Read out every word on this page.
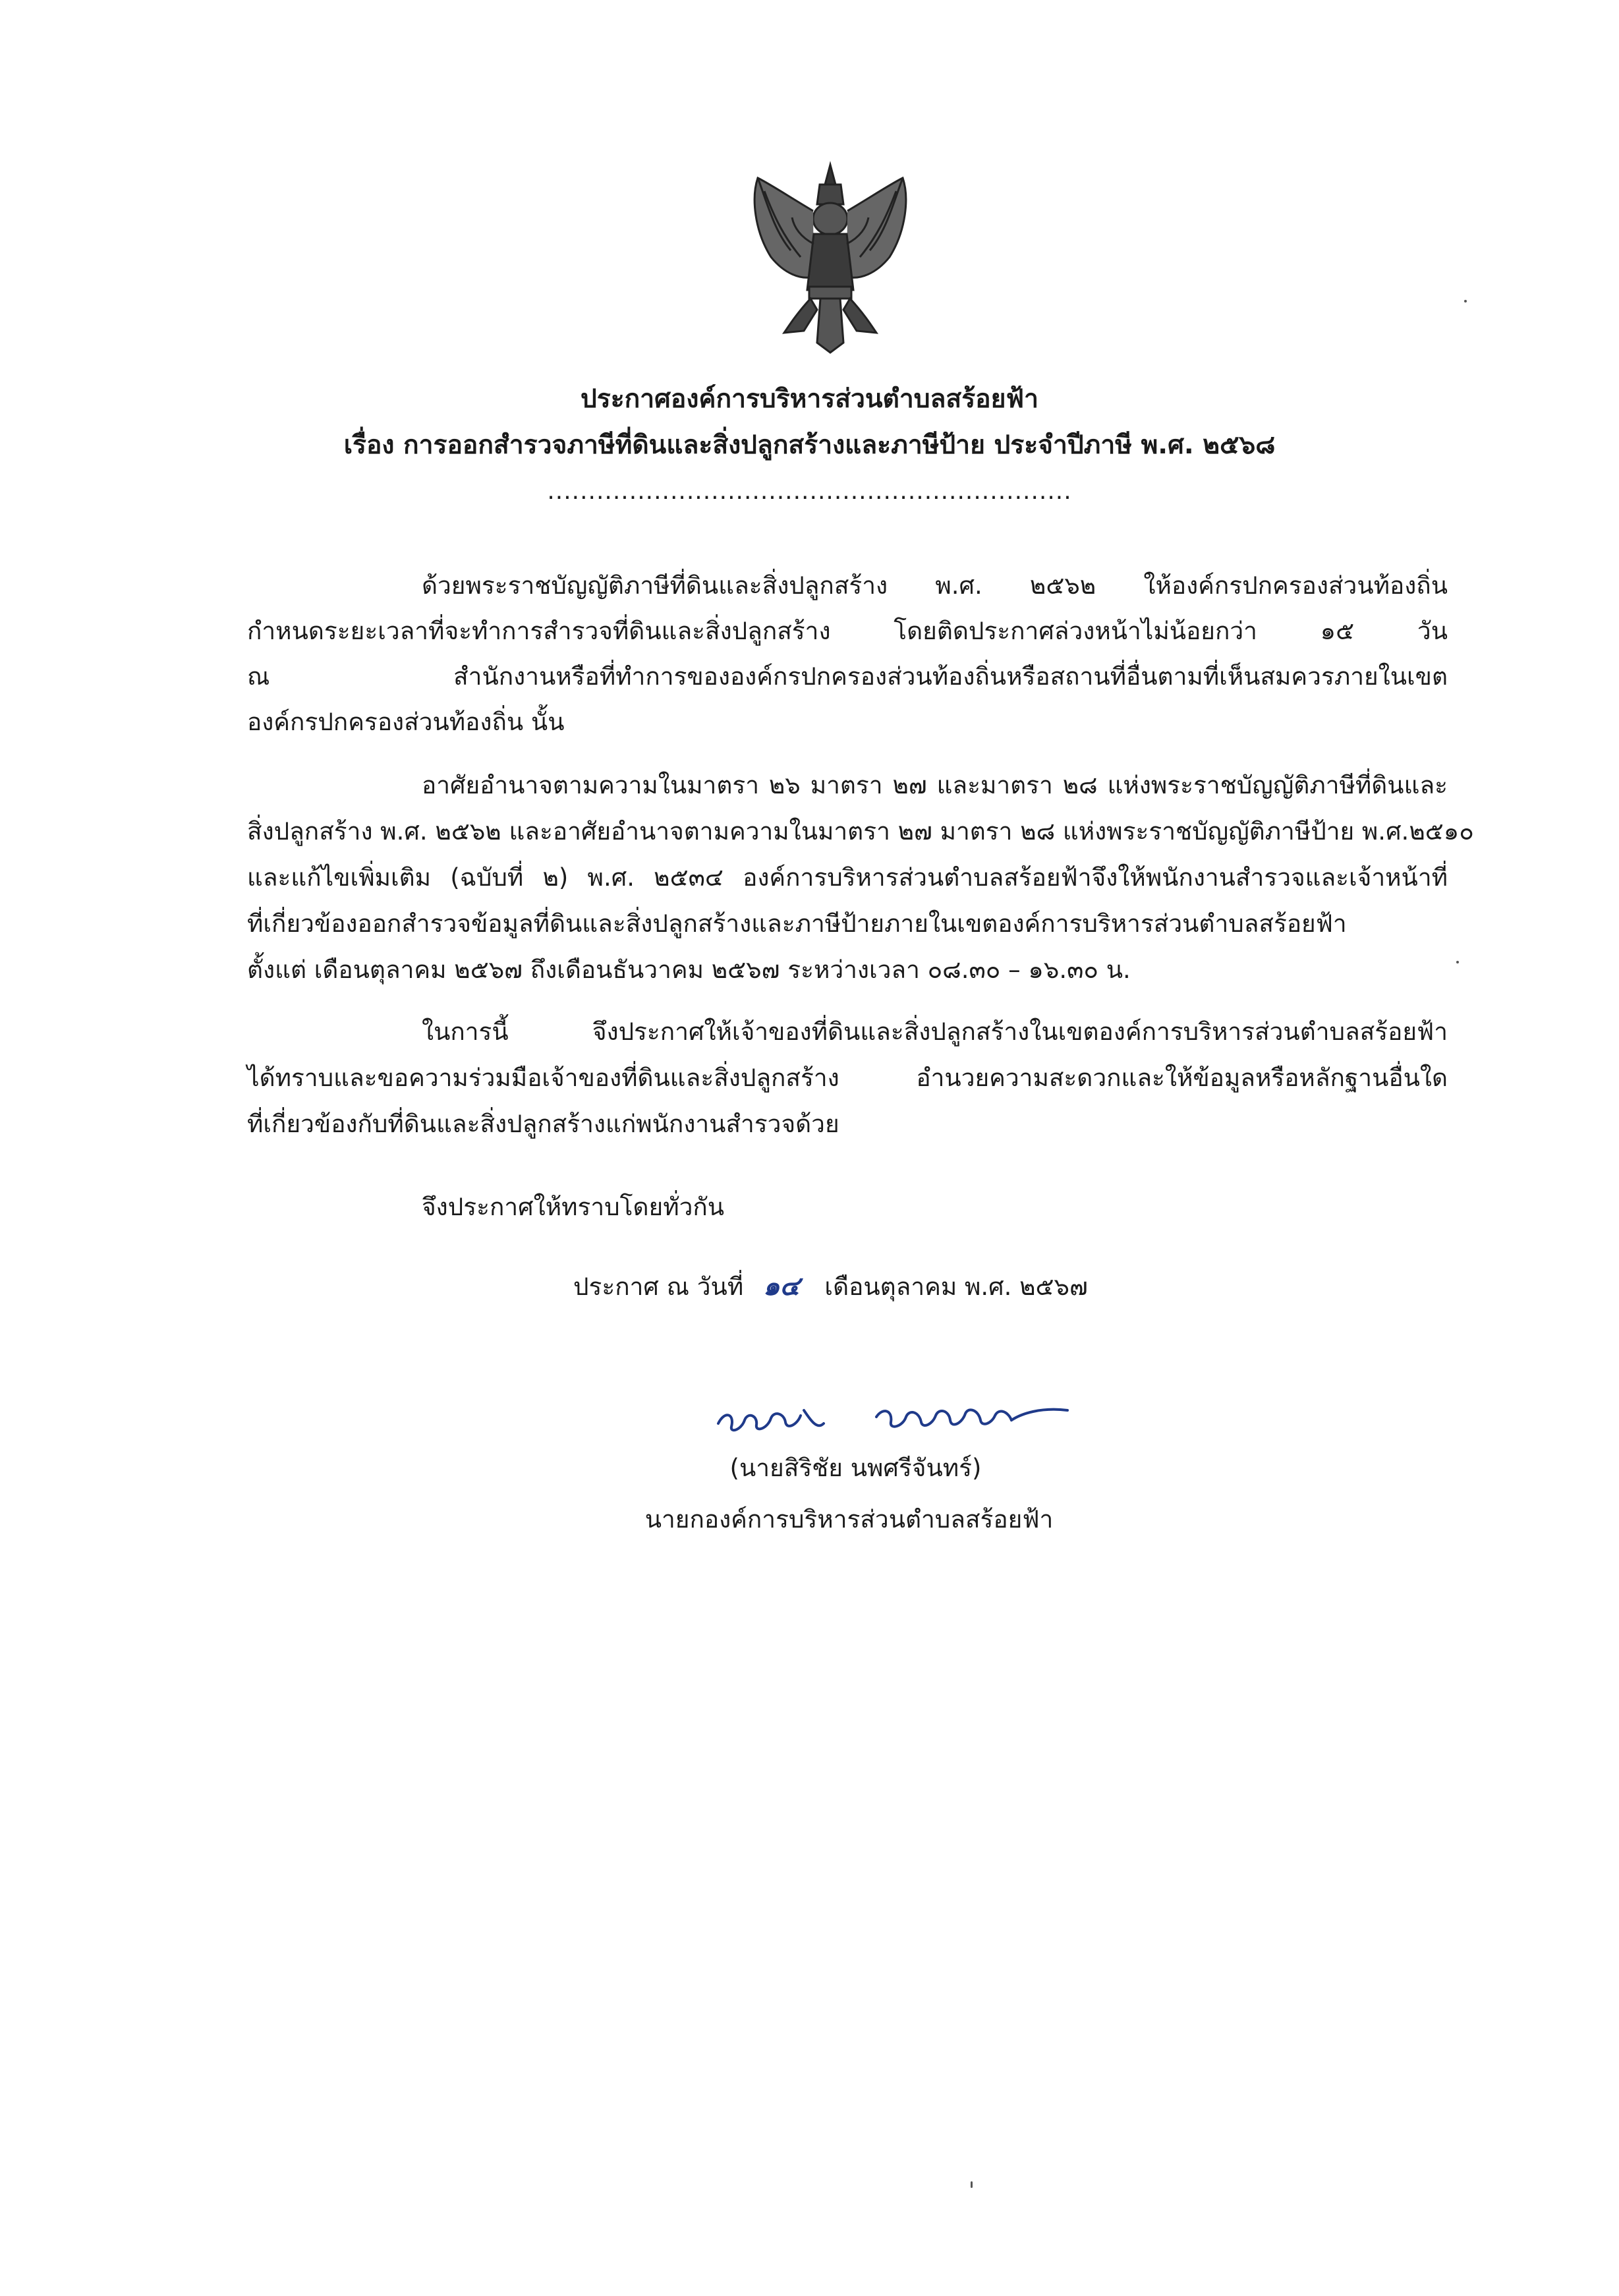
ประกาศองค์การบริหารส่วนตำบลสร้อยฟ้า
เรื่อง การออกสำรวจภาษีที่ดินและสิ่งปลูกสร้างและภาษีป้าย ประจำปีภาษี พ.ศ. ๒๕๖๘
................................................................
ด้วยพระราชบัญญัติภาษีที่ดินและสิ่งปลูกสร้าง พ.ศ. ๒๕๖๒ ให้องค์กรปกครองส่วนท้องถิ่น
กำหนดระยะเวลาที่จะทำการสำรวจที่ดินและสิ่งปลูกสร้าง โดยติดประกาศล่วงหน้าไม่น้อยกว่า ๑๕ วัน
ณ สำนักงานหรือที่ทำการขององค์กรปกครองส่วนท้องถิ่นหรือสถานที่อื่นตามที่เห็นสมควรภายในเขต
องค์กรปกครองส่วนท้องถิ่น นั้น
อาศัยอำนาจตามความในมาตรา ๒๖ มาตรา ๒๗ และมาตรา ๒๘ แห่งพระราชบัญญัติภาษีที่ดินและ
สิ่งปลูกสร้าง พ.ศ. ๒๕๖๒ และอาศัยอำนาจตามความในมาตรา ๒๗ มาตรา ๒๘ แห่งพระราชบัญญัติภาษีป้าย พ.ศ.๒๕๑๐
และแก้ไขเพิ่มเติม (ฉบับที่ ๒) พ.ศ. ๒๕๓๔ องค์การบริหารส่วนตำบลสร้อยฟ้าจึงให้พนักงานสำรวจและเจ้าหน้าที่
ที่เกี่ยวข้องออกสำรวจข้อมูลที่ดินและสิ่งปลูกสร้างและภาษีป้ายภายในเขตองค์การบริหารส่วนตำบลสร้อยฟ้า
ตั้งแต่ เดือนตุลาคม ๒๕๖๗ ถึงเดือนธันวาคม ๒๕๖๗ ระหว่างเวลา ๐๘.๓๐ – ๑๖.๓๐ น.
ในการนี้ จึงประกาศให้เจ้าของที่ดินและสิ่งปลูกสร้างในเขตองค์การบริหารส่วนตำบลสร้อยฟ้า
ได้ทราบและขอความร่วมมือเจ้าของที่ดินและสิ่งปลูกสร้าง อำนวยความสะดวกและให้ข้อมูลหรือหลักฐานอื่นใด
ที่เกี่ยวข้องกับที่ดินและสิ่งปลูกสร้างแก่พนักงานสำรวจด้วย
จึงประกาศให้ทราบโดยทั่วกัน
ประกาศ ณ วันที่ ๑๔ เดือนตุลาคม พ.ศ. ๒๕๖๗
(นายสิริชัย นพศรีจันทร์)
นายกองค์การบริหารส่วนตำบลสร้อยฟ้า
